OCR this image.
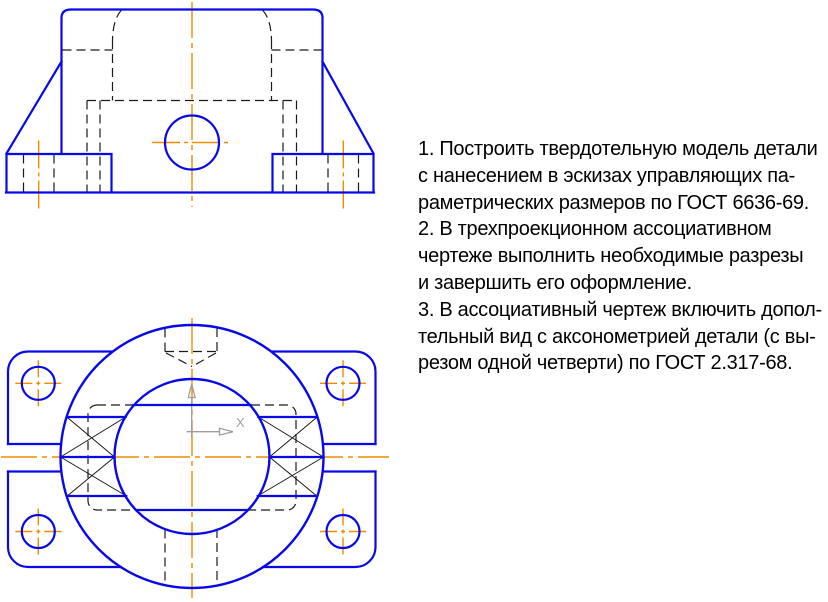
X
1. Построить твердотельную модель детали
с нанесением в эскизах управляющих па-
раметрических размеров по ГОСТ 6636-69.
2. В трехпроекционном ассоциативном
чертеже выполнить необходимые разрезы
и завершить его оформление.
3. В ассоциативный чертеж включить допол-
тельный вид с аксонометрией детали (с вы-
резом одной четверти) по ГОСТ 2.317-68.
